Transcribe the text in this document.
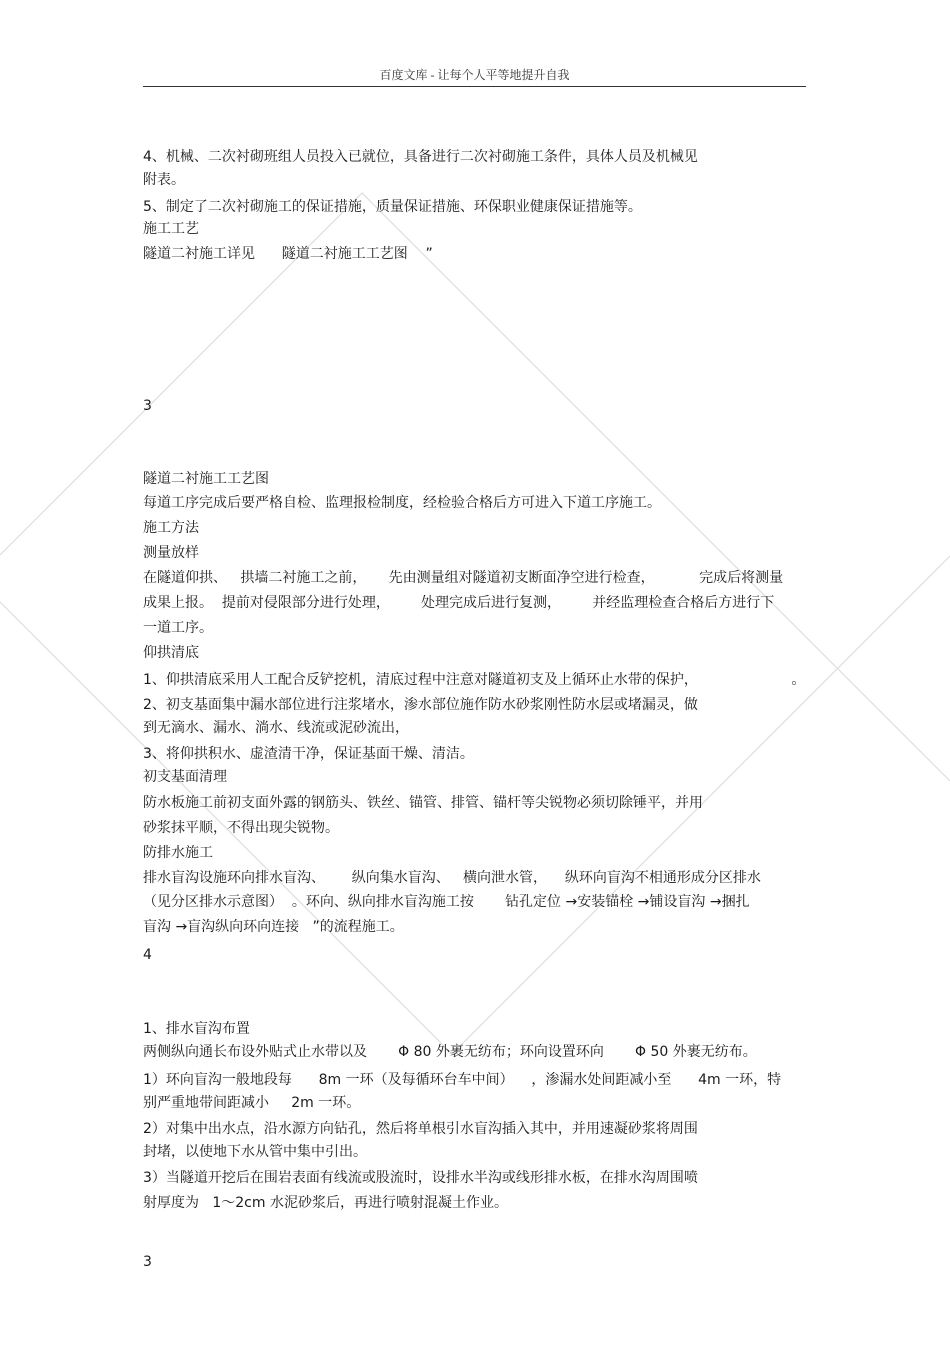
百度文库 - 让每个人平等地提升自我
4、机械、二次衬砌班组人员投入已就位，具备进行二次衬砌施工条件，具体人员及机械见
附表。
5、制定了二次衬砌施工的保证措施，质量保证措施、环保职业健康保证措施等。
施工工艺
隧道二衬施工详见      隧道二衬施工工艺图    ”
3
隧道二衬施工工艺图
每道工序完成后要严格自检、监理报检制度，经检验合格后方可进入下道工序施工。
施工方法
测量放样
在隧道仰拱、   拱墙二衬施工之前，     先由测量组对隧道初支断面净空进行检查，          完成后将测量
成果上报。  提前对侵限部分进行处理，       处理完成后进行复测，       并经监理检查合格后方进行下
一道工序。
仰拱清底
1、仰拱清底采用人工配合反铲挖机，清底过程中注意对隧道初支及上循环止水带的保护，                     。
2、初支基面集中漏水部位进行注浆堵水，渗水部位施作防水砂浆刚性防水层或堵漏灵，做
到无滴水、漏水、淌水、线流或泥砂流出，
3、将仰拱积水、虚渣清干净，保证基面干燥、清洁。
初支基面清理
防水板施工前初支面外露的钢筋头、铁丝、锚管、排管、锚杆等尖锐物必须切除锤平，并用
砂浆抹平顺，不得出现尖锐物。
防排水施工
排水盲沟设施环向排水盲沟、      纵向集水盲沟、   横向泄水管，    纵环向盲沟不相通形成分区排水
（见分区排水示意图）  。环向、纵向排水盲沟施工按       钻孔定位 →安装锚栓 →铺设盲沟 →捆扎
盲沟 →盲沟纵向环向连接   ”的流程施工。
4
1、排水盲沟布置
两侧纵向通长布设外贴式止水带以及       Φ 80 外裹无纺布；环向设置环向       Φ 50 外裹无纺布。
1）环向盲沟一般地段每      8m 一环（及每循环台车中间）    ，渗漏水处间距减小至      4m 一环，特
别严重地带间距减小     2m 一环。
2）对集中出水点，沿水源方向钻孔，然后将单根引水盲沟插入其中，并用速凝砂浆将周围
封堵，以使地下水从管中集中引出。
3）当隧道开挖后在围岩表面有线流或股流时，设排水半沟或线形排水板，在排水沟周围喷
射厚度为   1～2cm 水泥砂浆后，再进行喷射混凝土作业。
3
